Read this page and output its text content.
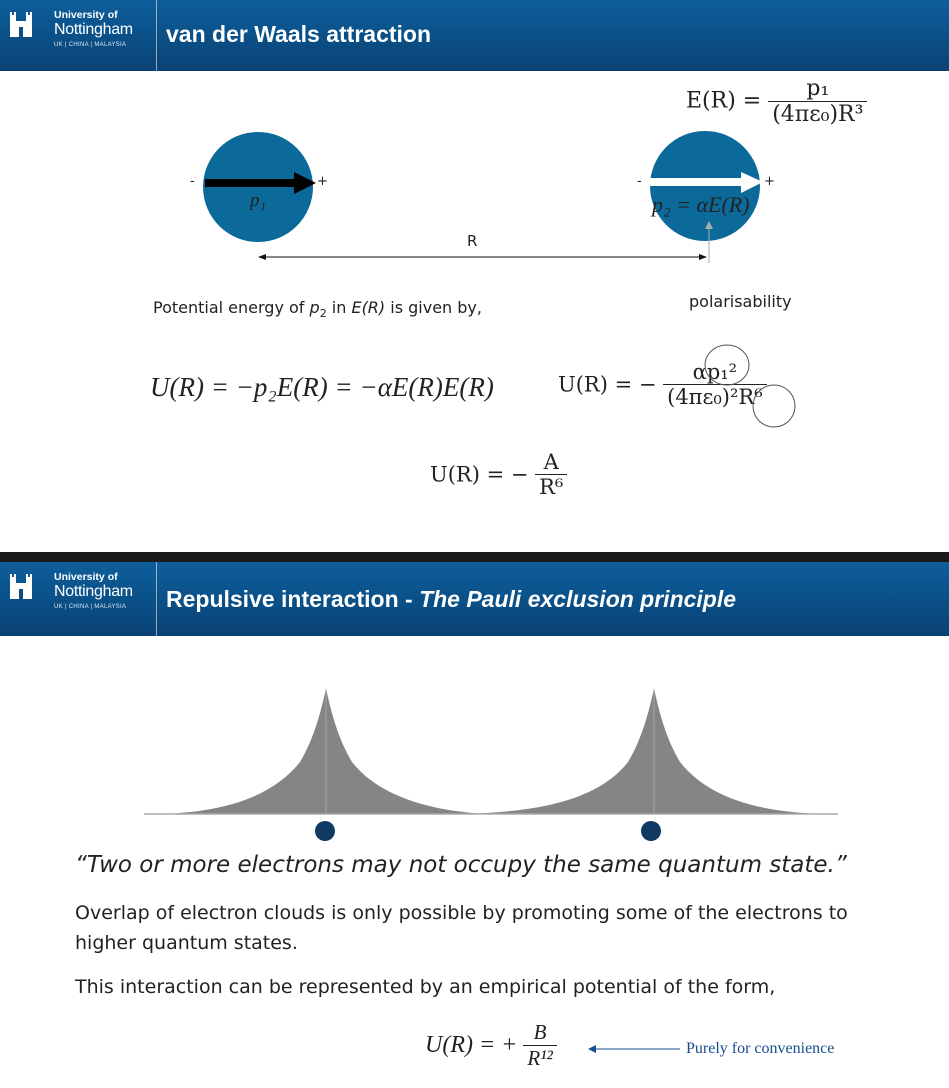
University of
Nottingham
UK | CHINA | MALAYSIA van der Waals attraction
$E(R) = \frac{\text{p₁}}{\text{(4πε₀)R³}}$
-	+
p₁
-	+
p₂ = αE(R)
R
polarisability
Potential energy of $p_2$ in E(R) is given by,
U(R) = −p₂E(R) = −αE(R)E(R)	U(R) = − $\frac{\text{αp₁²}}{\text{(4πε₀)²R⁶}}$
U(R) = − $\frac{A}{\text{R⁶}}$
University of
Nottingham
UK | CHINA | MALAYSIA Repulsive interaction - The Pauli exclusion principle
“Two or more electrons may not occupy the same quantum state.”
Overlap of electron clouds is only possible by promoting some of the electrons to higher quantum states.
This interaction can be represented by an empirical potential of the form,
U(R) = + $\frac{B}{\text{R¹²}}$	Purely for convenience
